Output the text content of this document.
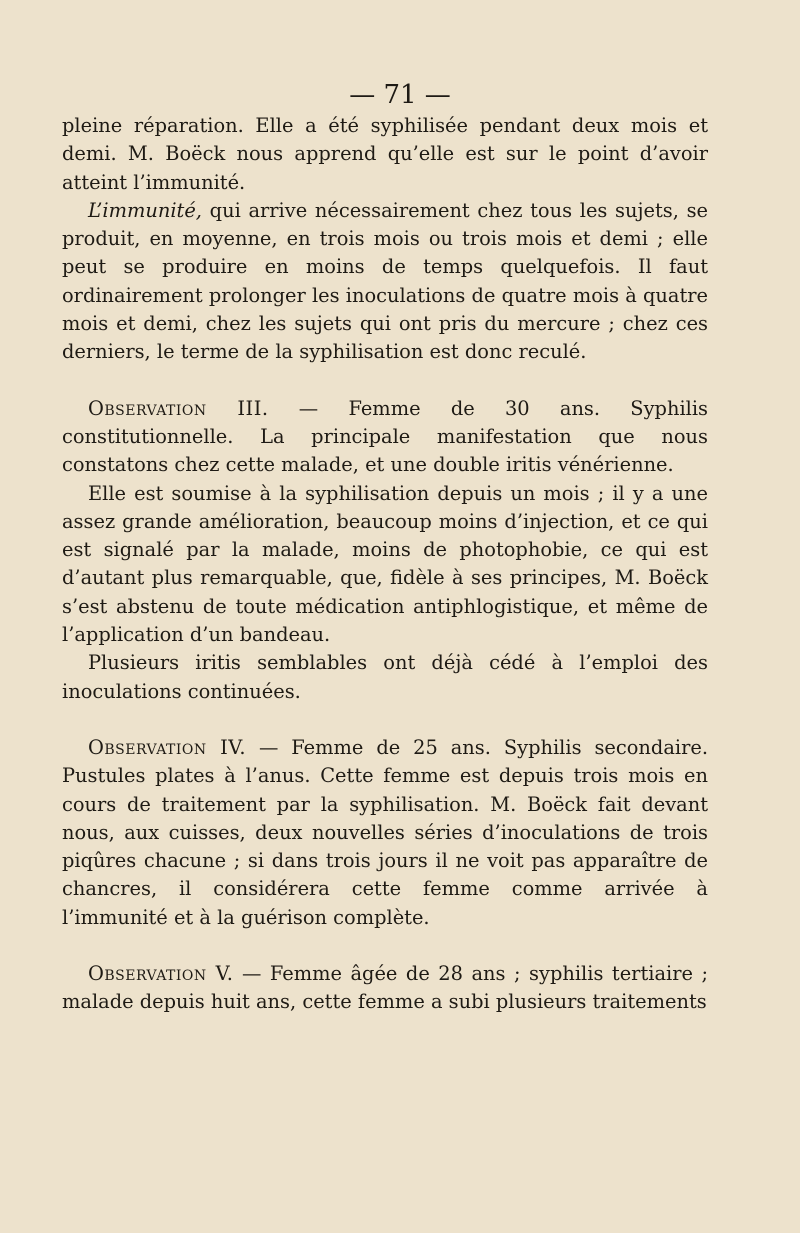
— 71 —

pleine réparation. Elle a été syphilisée pendant deux mois et demi. M. Boëck nous apprend qu’elle est sur le point d’avoir atteint l’immunité.

L’immunité, qui arrive nécessairement chez tous les sujets, se produit, en moyenne, en trois mois ou trois mois et demi ; elle peut se produire en moins de temps quelquefois. Il faut ordinairement prolonger les inoculations de quatre mois à quatre mois et demi, chez les sujets qui ont pris du mercure ; chez ces derniers, le terme de la syphilisation est donc reculé.

Observation III. — Femme de 30 ans. Syphilis constitutionnelle. La principale manifestation que nous constatons chez cette malade, et une double iritis vénérienne.

Elle est soumise à la syphilisation depuis un mois ; il y a une assez grande amélioration, beaucoup moins d’injection, et ce qui est signalé par la malade, moins de photophobie, ce qui est d’autant plus remarquable, que, fidèle à ses principes, M. Boëck s’est abstenu de toute médication antiphlogistique, et même de l’application d’un bandeau.

Plusieurs iritis semblables ont déjà cédé à l’emploi des inoculations continuées.

Observation IV. — Femme de 25 ans. Syphilis secondaire. Pustules plates à l’anus. Cette femme est depuis trois mois en cours de traitement par la syphilisation. M. Boëck fait devant nous, aux cuisses, deux nouvelles séries d’inoculations de trois piqûres chacune ; si dans trois jours il ne voit pas apparaître de chancres, il considérera cette femme comme arrivée à l’immunité et à la guérison complète.

Observation V. — Femme âgée de 28 ans ; syphilis tertiaire ; malade depuis huit ans, cette femme a subi plusieurs traitements
